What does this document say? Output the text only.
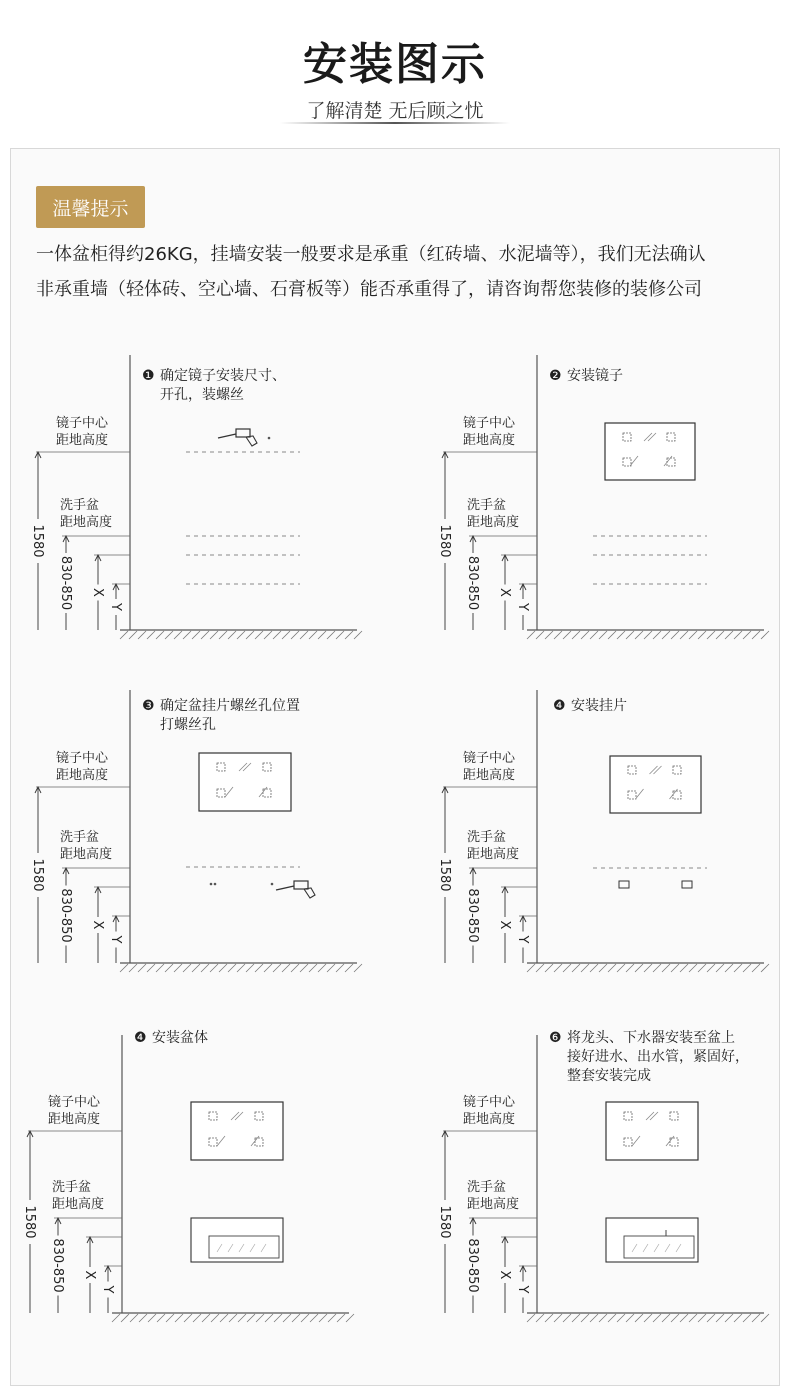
安装图示
了解清楚 无后顾之忧
温馨提示
一体盆柜得约26KG，挂墙安装一般要求是承重（红砖墙、水泥墙等），我们无法确认
非承重墙（轻体砖、空心墙、石膏板等）能否承重得了，请咨询帮您装修的装修公司
1580
830-850 X
Y
镜子中心
距地高度
洗手盆
距地高度
❶ 确定镜子安装尺寸、
开孔，装螺丝
1580
830-850 X
Y
镜子中心
距地高度
洗手盆
距地高度
❷ 安装镜子
1580
830-850 X
Y
镜子中心
距地高度
洗手盆
距地高度
❸ 确定盆挂片螺丝孔位置
打螺丝孔
1580
830-850 X
Y
镜子中心
距地高度
洗手盆
距地高度
❹ 安装挂片
1580
830-850 X
Y
镜子中心
距地高度
洗手盆
距地高度
❹ 安装盆体
1580
830-850 X
Y
镜子中心
距地高度
洗手盆
距地高度
❻ 将龙头、下水器安装至盆上
接好进水、出水管，紧固好，
整套安装完成
